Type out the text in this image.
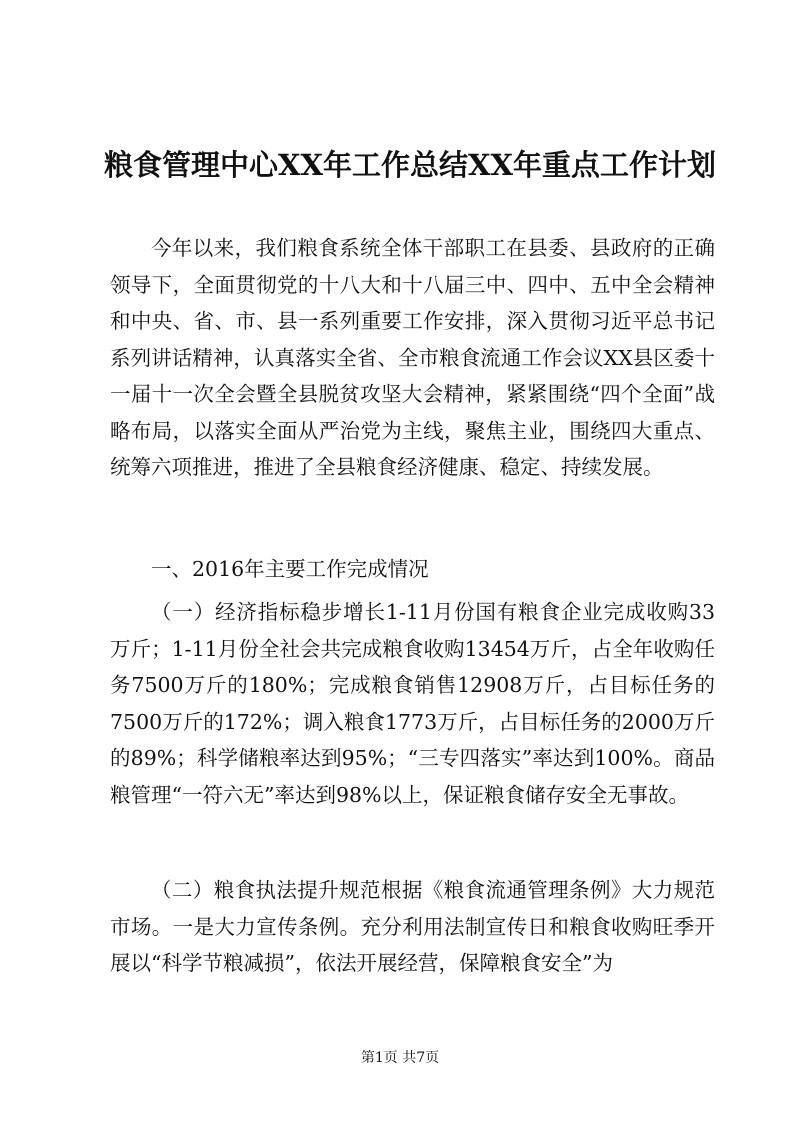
粮食管理中心XX年工作总结XX年重点工作计划

今年以来，我们粮食系统全体干部职工在县委、县政府的正确领导下，全面贯彻党的十八大和十八届三中、四中、五中全会精神和中央、省、市、县一系列重要工作安排，深入贯彻习近平总书记系列讲话精神，认真落实全省、全市粮食流通工作会议XX县区委十一届十一次全会暨全县脱贫攻坚大会精神，紧紧围绕“四个全面”战略布局，以落实全面从严治党为主线，聚焦主业，围绕四大重点、统筹六项推进，推进了全县粮食经济健康、稳定、持续发展。

一、2016年主要工作完成情况

（一）经济指标稳步增长1-11月份国有粮食企业完成收购33万斤；1-11月份全社会共完成粮食收购13454万斤，占全年收购任务7500万斤的180%；完成粮食销售12908万斤，占目标任务的7500万斤的172%；调入粮食1773万斤，占目标任务的2000万斤的89%；科学储粮率达到95%；“三专四落实”率达到100%。商品粮管理“一符六无”率达到98%以上，保证粮食储存安全无事故。

（二）粮食执法提升规范根据《粮食流通管理条例》大力规范市场。一是大力宣传条例。充分利用法制宣传日和粮食收购旺季开展以“科学节粮减损”，依法开展经营，保障粮食安全”为

第1页 共7页
